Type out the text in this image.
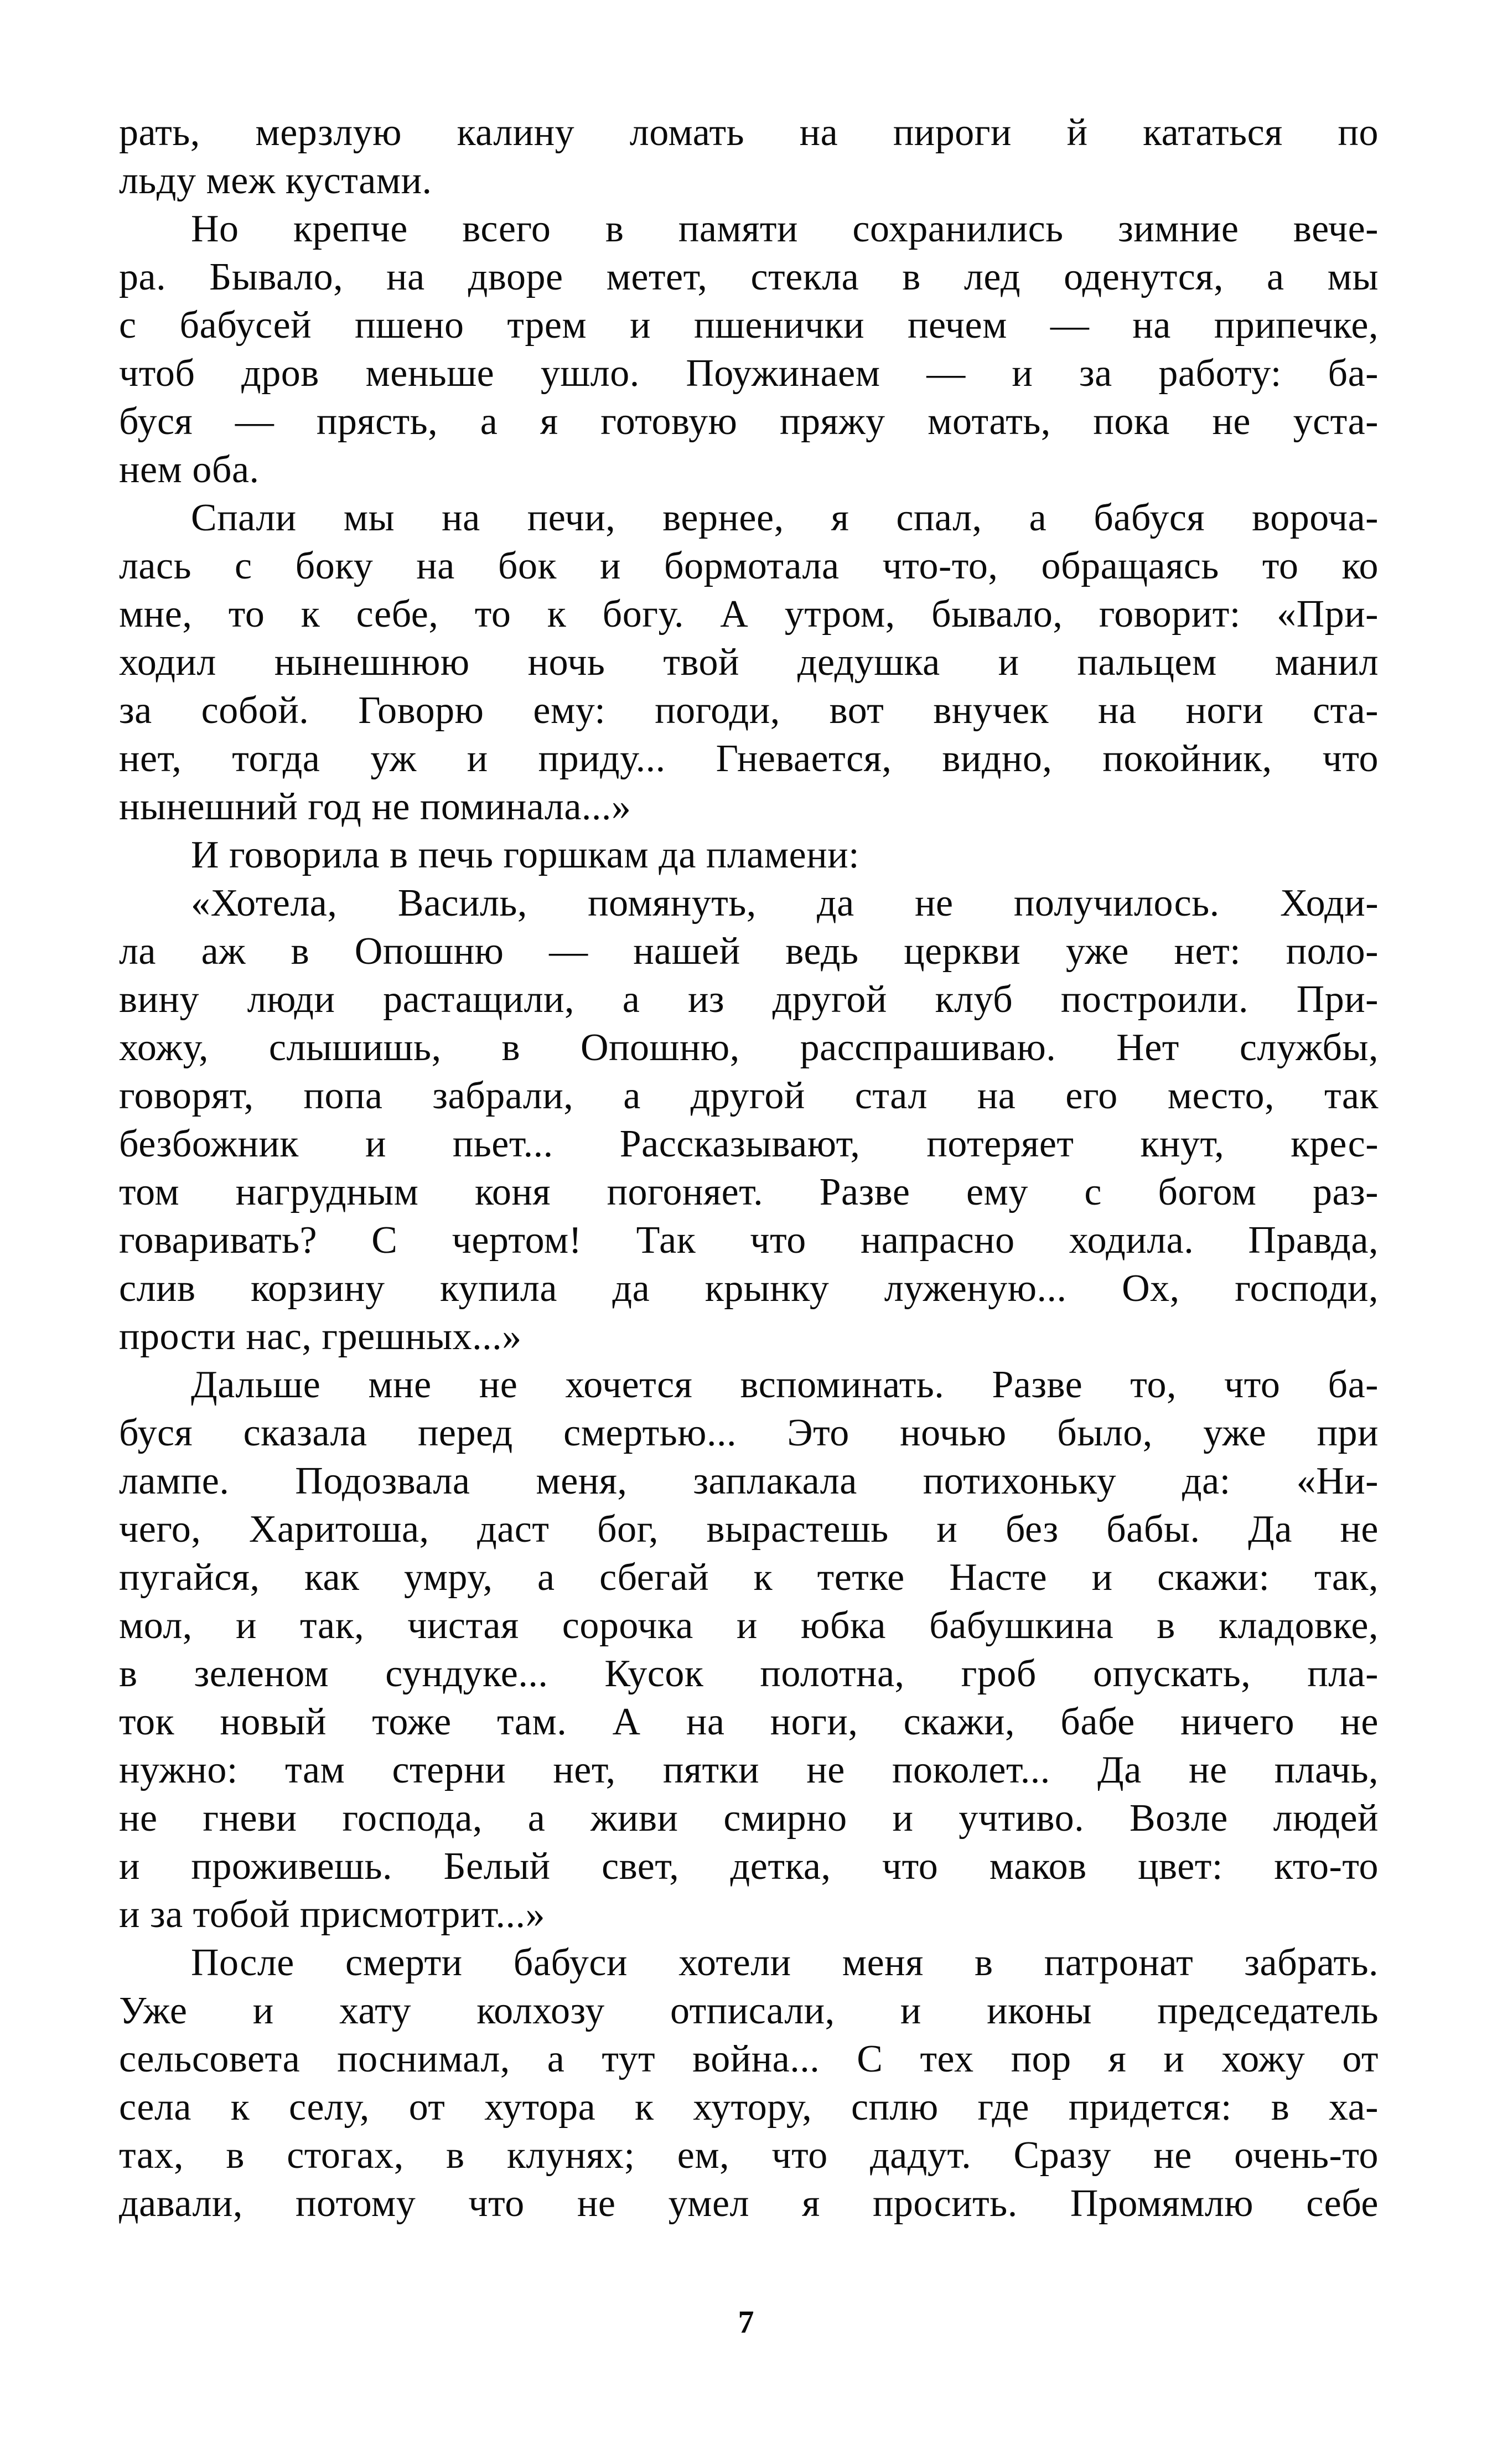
рать, мерзлую калину ломать на пироги й кататься по
льду меж кустами.
Но крепче всего в памяти сохранились зимние вече-
ра. Бывало, на дворе метет, стекла в лед оденутся, а мы
с бабусей пшено трем и пшенички печем — на припечке,
чтоб дров меньше ушло. Поужинаем — и за работу: ба-
буся — прясть, а я готовую пряжу мотать, пока не уста-
нем оба.
Спали мы на печи, вернее, я спал, а бабуся вороча-
лась с боку на бок и бормотала что-то, обращаясь то ко
мне, то к себе, то к богу. А утром, бывало, говорит: «При-
ходил нынешнюю ночь твой дедушка и пальцем манил
за собой. Говорю ему: погоди, вот внучек на ноги ста-
нет, тогда уж и приду... Гневается, видно, покойник, что
нынешний год не поминала...»
И говорила в печь горшкам да пламени:
«Хотела, Василь, помянуть, да не получилось. Ходи-
ла аж в Опошню — нашей ведь церкви уже нет: поло-
вину люди растащили, а из другой клуб построили. При-
хожу, слышишь, в Опошню, расспрашиваю. Нет службы,
говорят, попа забрали, а другой стал на его место, так
безбожник и пьет... Рассказывают, потеряет кнут, крес-
том нагрудным коня погоняет. Разве ему с богом раз-
говаривать? С чертом! Так что напрасно ходила. Правда,
слив корзину купила да крынку луженую... Ох, господи,
прости нас, грешных...»
Дальше мне не хочется вспоминать. Разве то, что ба-
буся сказала перед смертью... Это ночью было, уже при
лампе. Подозвала меня, заплакала потихоньку да: «Ни-
чего, Харитоша, даст бог, вырастешь и без бабы. Да не
пугайся, как умру, а сбегай к тетке Насте и скажи: так,
мол, и так, чистая сорочка и юбка бабушкина в кладовке,
в зеленом сундуке... Кусок полотна, гроб опускать, пла-
ток новый тоже там. А на ноги, скажи, бабе ничего не
нужно: там стерни нет, пятки не поколет... Да не плачь,
не гневи господа, а живи смирно и учтиво. Возле людей
и проживешь. Белый свет, детка, что маков цвет: кто-то
и за тобой присмотрит...»
После смерти бабуси хотели меня в патронат забрать.
Уже и хату колхозу отписали, и иконы председатель
сельсовета поснимал, а тут война... С тех пор я и хожу от
села к селу, от хутора к хутору, сплю где придется: в ха-
тах, в стогах, в клунях; ем, что дадут. Сразу не очень-то
давали, потому что не умел я просить. Промямлю себе
7
